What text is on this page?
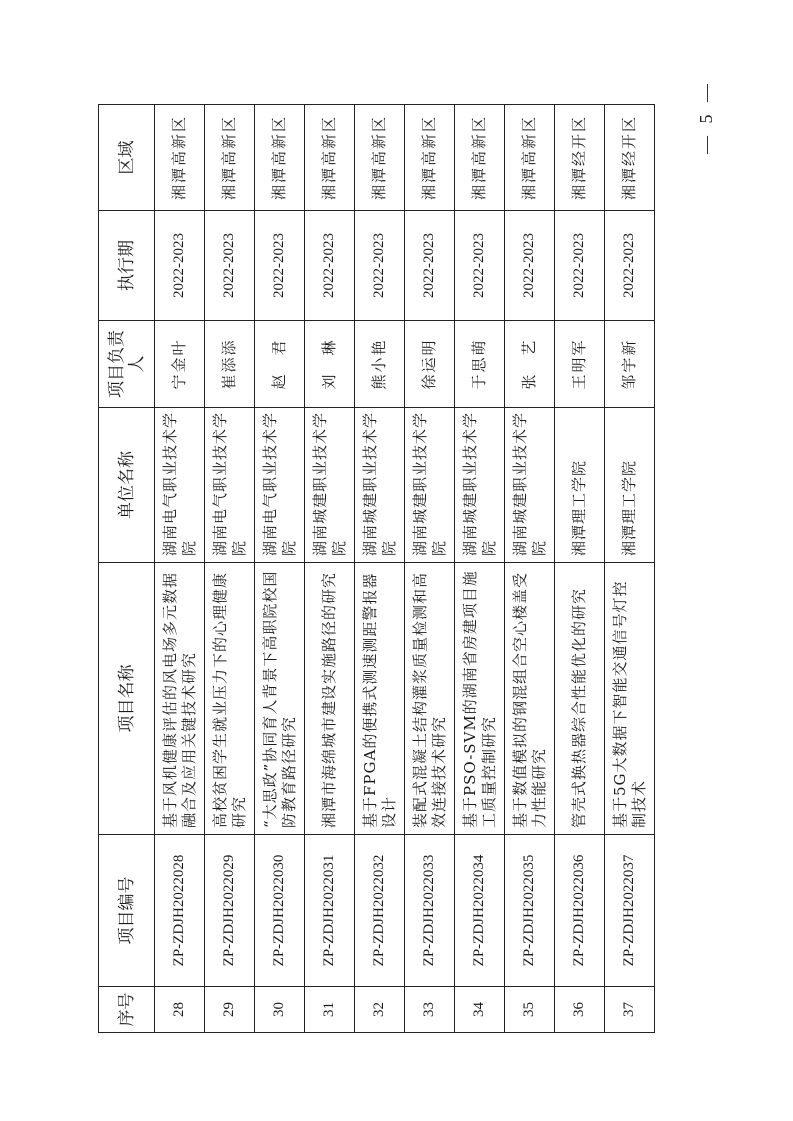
序号	项目编号	项目名称	单位名称	项目负责人	执行期	区域
28	ZP-ZDJH2022028	基于风机健康评估的风电场多元数据融合及应用关键技术研究	湖南电气职业技术学院	宁金叶	2022-2023	湘潭高新区
29	ZP-ZDJH2022029	高校贫困学生就业压力下的心理健康研究	湖南电气职业技术学院	崔添添	2022-2023	湘潭高新区
30	ZP-ZDJH2022030	“大思政”协同育人背景下高职院校国防教育路径研究	湖南电气职业技术学院	赵　君	2022-2023	湘潭高新区
31	ZP-ZDJH2022031	湘潭市海绵城市建设实施路径的研究	湖南城建职业技术学院	刘　琳	2022-2023	湘潭高新区
32	ZP-ZDJH2022032	基于FPGA的便携式测速测距警报器设计	湖南城建职业技术学院	熊小艳	2022-2023	湘潭高新区
33	ZP-ZDJH2022033	装配式混凝土结构灌浆质量检测和高效连接技术研究	湖南城建职业技术学院	徐运明	2022-2023	湘潭高新区
34	ZP-ZDJH2022034	基于PSO-SVM的湖南省房建项目施工质量控制研究	湖南城建职业技术学院	于思萌	2022-2023	湘潭高新区
35	ZP-ZDJH2022035	基于数值模拟的钢混组合空心楼盖受力性能研究	湖南城建职业技术学院	张　艺	2022-2023	湘潭高新区
36	ZP-ZDJH2022036	管壳式换热器综合性能优化的研究	湘潭理工学院	王明军	2022-2023	湘潭经开区
37	ZP-ZDJH2022037	基于5G大数据下智能交通信号灯控制技术	湘潭理工学院	邹宇新	2022-2023	湘潭经开区	— 5 —
